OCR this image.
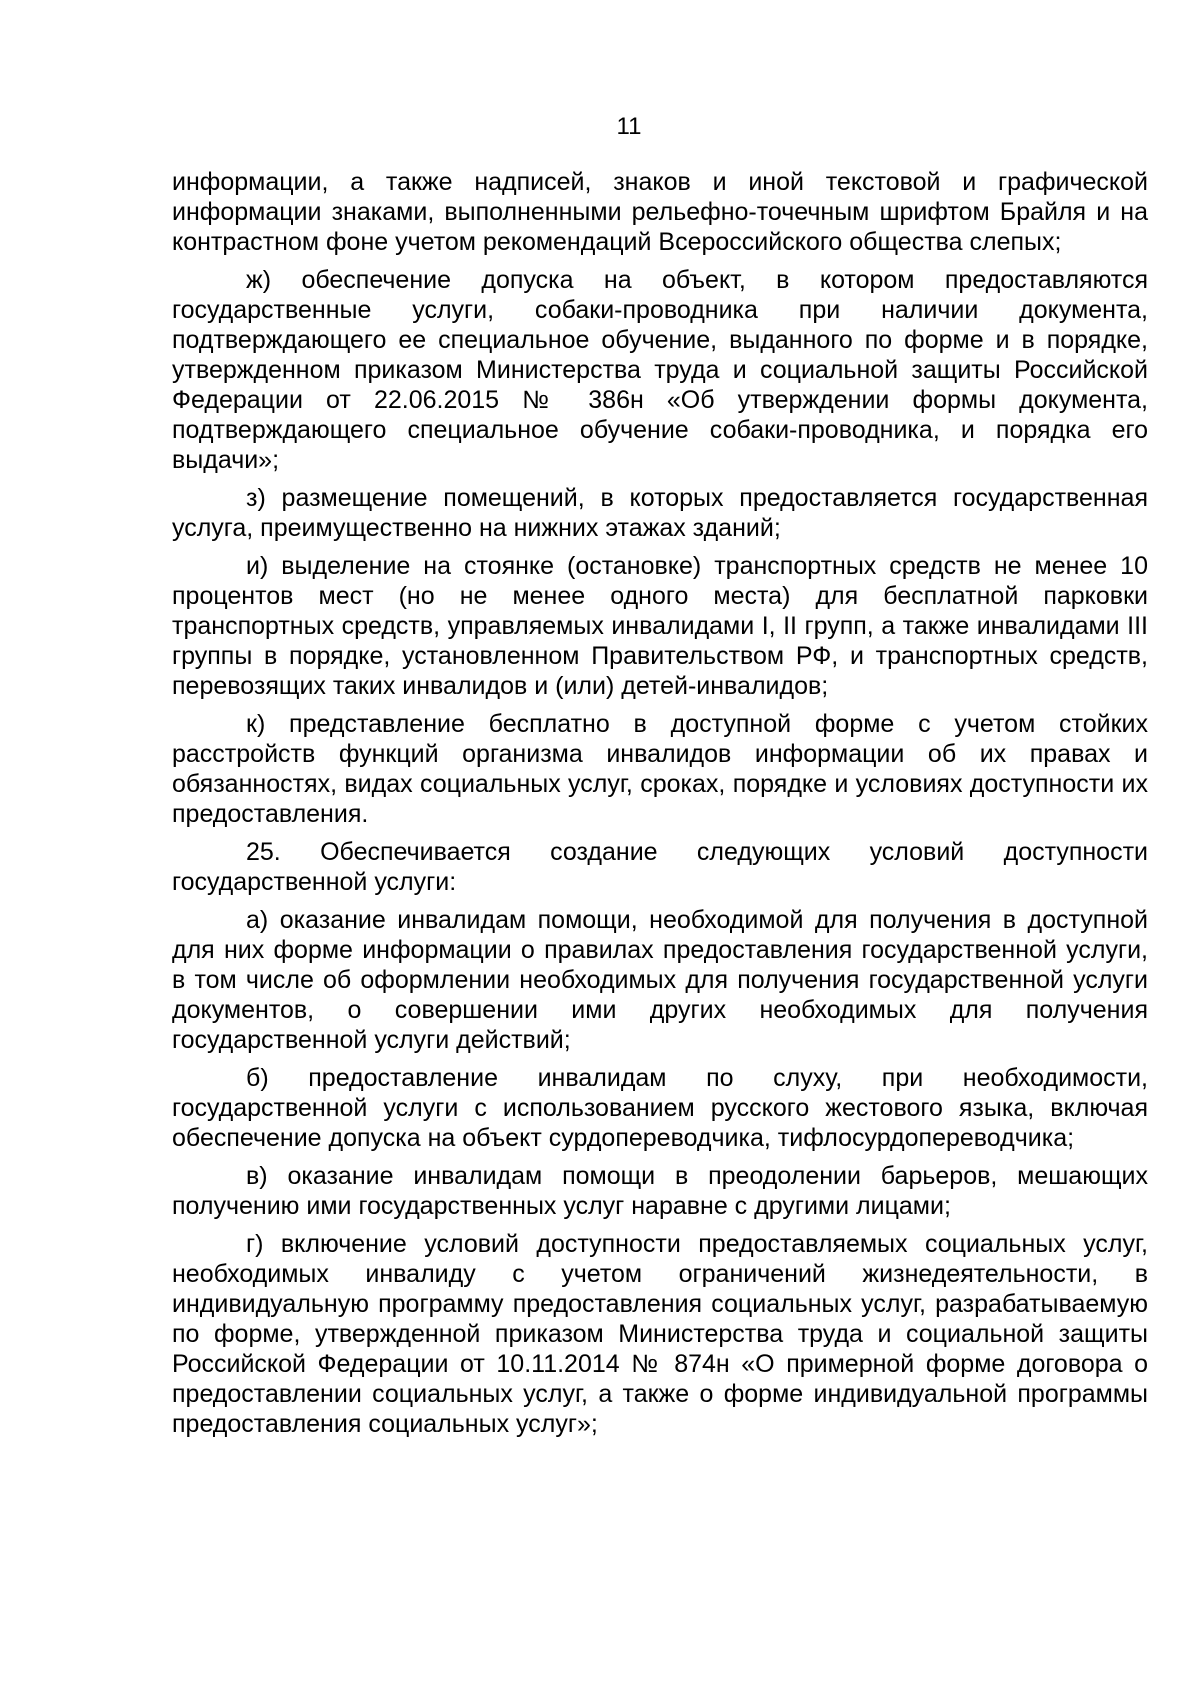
11

информации, а также надписей, знаков и иной текстовой и графической информации знаками, выполненными рельефно-точечным шрифтом Брайля и на контрастном фоне учетом рекомендаций Всероссийского общества слепых;

ж) обеспечение допуска на объект, в котором предоставляются государственные услуги, собаки-проводника при наличии документа, подтверждающего ее специальное обучение, выданного по форме и в порядке, утвержденном приказом Министерства труда и социальной защиты Российской Федерации от 22.06.2015 № 386н «Об утверждении формы документа, подтверждающего специальное обучение собаки-проводника, и порядка его выдачи»;

з) размещение помещений, в которых предоставляется государственная услуга, преимущественно на нижних этажах зданий;

и) выделение на стоянке (остановке) транспортных средств не менее 10 процентов мест (но не менее одного места) для бесплатной парковки транспортных средств, управляемых инвалидами I, II групп, а также инвалидами III группы в порядке, установленном Правительством РФ, и транспортных средств, перевозящих таких инвалидов и (или) детей-инвалидов;

к) представление бесплатно в доступной форме с учетом стойких расстройств функций организма инвалидов информации об их правах и обязанностях, видах социальных услуг, сроках, порядке и условиях доступности их предоставления.

25. Обеспечивается создание следующих условий доступности государственной услуги:

а) оказание инвалидам помощи, необходимой для получения в доступной для них форме информации о правилах предоставления государственной услуги, в том числе об оформлении необходимых для получения государственной услуги документов, о совершении ими других необходимых для получения государственной услуги действий;

б) предоставление инвалидам по слуху, при необходимости, государственной услуги с использованием русского жестового языка, включая обеспечение допуска на объект сурдопереводчика, тифлосурдопереводчика;

в) оказание инвалидам помощи в преодолении барьеров, мешающих получению ими государственных услуг наравне с другими лицами;

г) включение условий доступности предоставляемых социальных услуг, необходимых инвалиду с учетом ограничений жизнедеятельности, в индивидуальную программу предоставления социальных услуг, разрабатываемую по форме, утвержденной приказом Министерства труда и социальной защиты Российской Федерации от 10.11.2014 № 874н «О примерной форме договора о предоставлении социальных услуг, а также о форме индивидуальной программы предоставления социальных услуг»;
